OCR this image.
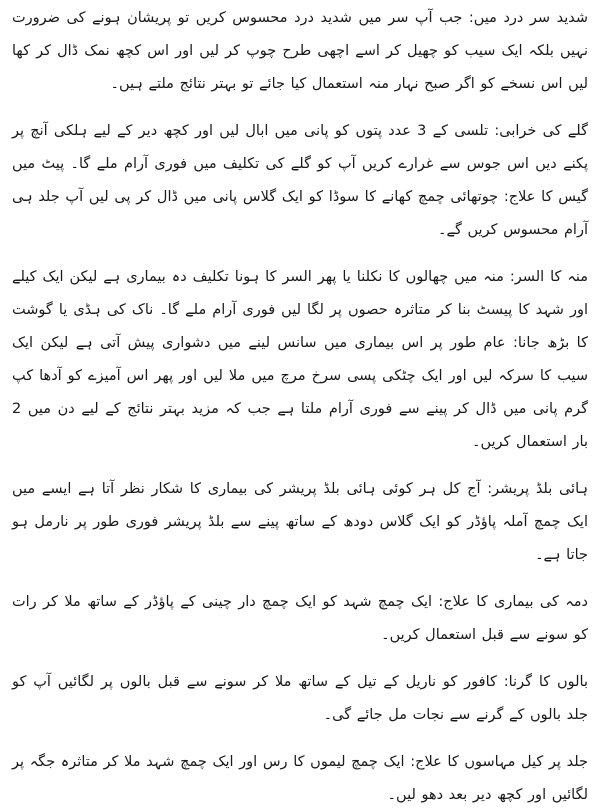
شدید سر درد میں: جب آپ سر میں شدید درد محسوس کریں تو پریشان ہونے کی ضرورت نہیں بلکہ ایک سیب کو چھیل کر اسے اچھی طرح چوپ کر لیں اور اس کچھ نمک ڈال کر کھا لیں اس نسخے کو اگر صبح نہار منہ استعمال کیا جائے تو بہتر نتائج ملتے ہیں۔

گلے کی خرابی: تلسی کے 3 عدد پتوں کو پانی میں ابال لیں اور کچھ دیر کے لیے ہلکی آنچ پر پکنے دیں اس جوس سے غرارے کریں آپ کو گلے کی تکلیف میں فوری آرام ملے گا۔ پیٹ میں گیس کا علاج: چوتھائی چمچ کھانے کا سوڈا کو ایک گلاس پانی میں ڈال کر پی لیں آپ جلد ہی آرام محسوس کریں گے۔

منہ کا السر: منہ میں چھالوں کا نکلنا یا پھر السر کا ہونا تکلیف دہ بیماری ہے لیکن ایک کیلے اور شہد کا پیسٹ بنا کر متاثرہ حصوں پر لگا لیں فوری آرام ملے گا۔ ناک کی ہڈی یا گوشت کا بڑھ جانا: عام طور پر اس بیماری میں سانس لینے میں دشواری پیش آتی ہے لیکن ایک سیب کا سرکہ لیں اور ایک چٹکی پسی سرخ مرچ میں ملا لیں اور پھر اس آمیزے کو آدھا کپ گرم پانی میں ڈال کر پینے سے فوری آرام ملتا ہے جب کہ مزید بہتر نتائج کے لیے دن میں 2 بار استعمال کریں۔

ہائی بلڈ پریشر: آج کل ہر کوئی ہائی بلڈ پریشر کی بیماری کا شکار نظر آتا ہے ایسے میں ایک چمچ آملہ پاؤڈر کو ایک گلاس دودھ کے ساتھ پینے سے بلڈ پریشر فوری طور پر نارمل ہو جاتا ہے۔

دمہ کی بیماری کا علاج: ایک چمچ شہد کو ایک چمچ دار چینی کے پاؤڈر کے ساتھ ملا کر رات کو سونے سے قبل استعمال کریں۔

بالوں کا گرنا: کافور کو ناریل کے تیل کے ساتھ ملا کر سونے سے قبل بالوں پر لگائیں آپ کو جلد بالوں کے گرنے سے نجات مل جائے گی۔

جلد پر کیل مہاسوں کا علاج: ایک چمچ لیموں کا رس اور ایک چمچ شہد ملا کر متاثرہ جگہ پر لگائیں اور کچھ دیر بعد دھو لیں۔
